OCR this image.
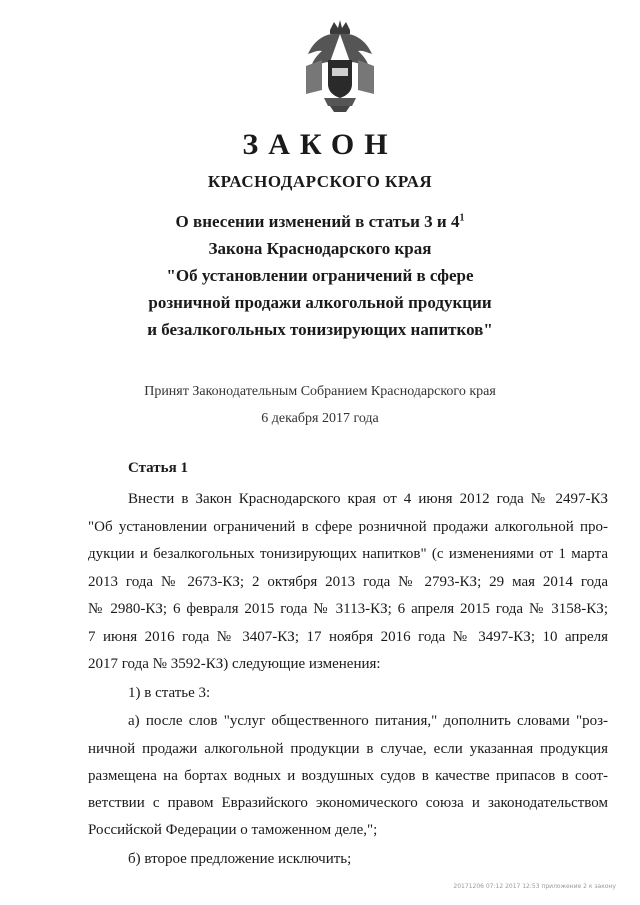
ЗАКОН
КРАСНОДАРСКОГО КРАЯ
О внесении изменений в статьи 3 и $4^1$
Закона Краснодарского края
"Об установлении ограничений в сфере
розничной продажи алкогольной продукции
и безалкогольных тонизирующих напитков"
Принят Законодательным Собранием Краснодарского края
6 декабря 2017 года
Статья 1
Внести в Закон Краснодарского края от 4 июня 2012 года № 2497-КЗ
"Об установлении ограничений в сфере розничной продажи алкогольной про-
дукции и безалкогольных тонизирующих напитков" (с изменениями от 1 марта
2013 года № 2673-КЗ; 2 октября 2013 года № 2793-КЗ; 29 мая 2014 года
№ 2980-КЗ; 6 февраля 2015 года № 3113-КЗ; 6 апреля 2015 года № 3158-КЗ;
7 июня 2016 года № 3407-КЗ; 17 ноября 2016 года № 3497-КЗ; 10 апреля
2017 года № 3592-КЗ) следующие изменения:
1) в статье 3:
а) после слов "услуг общественного питания," дополнить словами "роз-
ничной продажи алкогольной продукции в случае, если указанная продукция
размещена на бортах водных и воздушных судов в качестве припасов в соот-
ветствии с правом Евразийского экономического союза и законодательством
Российской Федерации о таможенном деле,";
б) второе предложение исключить;
20171206 07:12 2017 12:53 приложение 2 к закону
